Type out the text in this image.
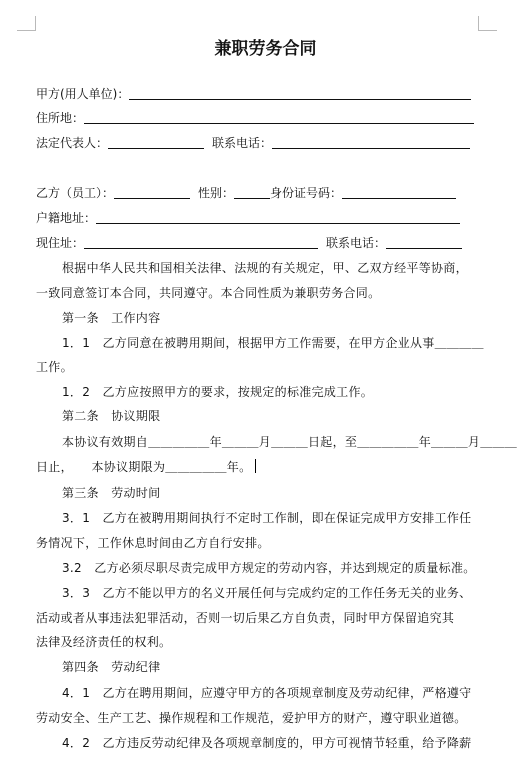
兼职劳务合同
甲方(用人单位)：
住所地：
法定代表人：	联系电话：
乙方（员工）：	性别：	身份证号码：
户籍地址：
现住址：	联系电话：
根据中华人民共和国相关法律、法规的有关规定，甲、乙双方经平等协商，
一致同意签订本合同，共同遵守。本合同性质为兼职劳务合同。
第一条　工作内容
1．1　乙方同意在被聘用期间，根据甲方工作需要，在甲方企业从事＿＿＿＿
工作。
1．2　乙方应按照甲方的要求，按规定的标准完成工作。
第二条　协议期限
本协议有效期自＿＿＿＿＿年＿＿＿月＿＿＿日起，至＿＿＿＿＿年＿＿＿月＿＿＿
日止，　　本协议期限为＿＿＿＿＿年。
第三条　劳动时间
3．1　乙方在被聘用期间执行不定时工作制，即在保证完成甲方安排工作任
务情况下，工作休息时间由乙方自行安排。
3.2　乙方必须尽职尽责完成甲方规定的劳动内容，并达到规定的质量标准。
3．3　乙方不能以甲方的名义开展任何与完成约定的工作任务无关的业务、
活动或者从事违法犯罪活动，否则一切后果乙方自负责，同时甲方保留追究其
法律及经济责任的权利。
第四条　劳动纪律
4．1　乙方在聘用期间，应遵守甲方的各项规章制度及劳动纪律，严格遵守
劳动安全、生产工艺、操作规程和工作规范，爱护甲方的财产，遵守职业道德。
4．2　乙方违反劳动纪律及各项规章制度的，甲方可视情节轻重，给予降薪
